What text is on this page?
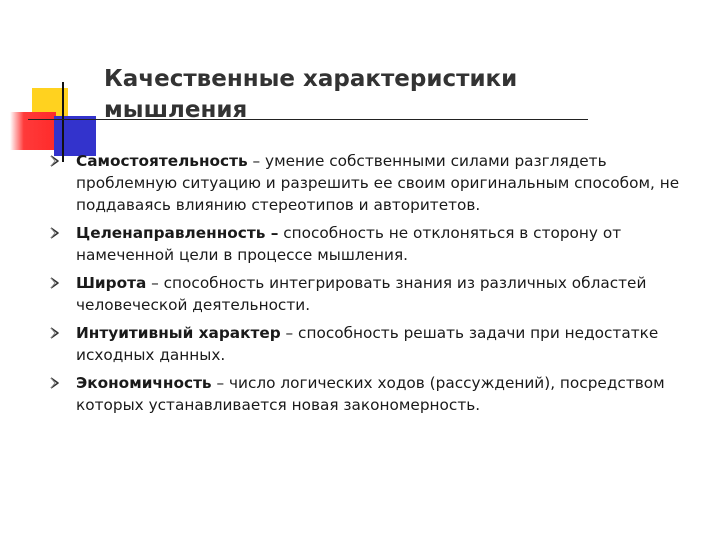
Качественные характеристики
мышления
Самостоятельность – умение собственными силами разглядеть проблемную ситуацию и разрешить ее своим оригинальным способом, не поддаваясь влиянию стереотипов и авторитетов.
Целенаправленность – способность не отклоняться в сторону от намеченной цели в процессе мышления.
Широта – способность интегрировать знания из различных областей человеческой деятельности.
Интуитивный характер – способность решать задачи при недостатке исходных данных.
Экономичность – число логических ходов (рассуждений), посредством которых устанавливается новая закономерность.
